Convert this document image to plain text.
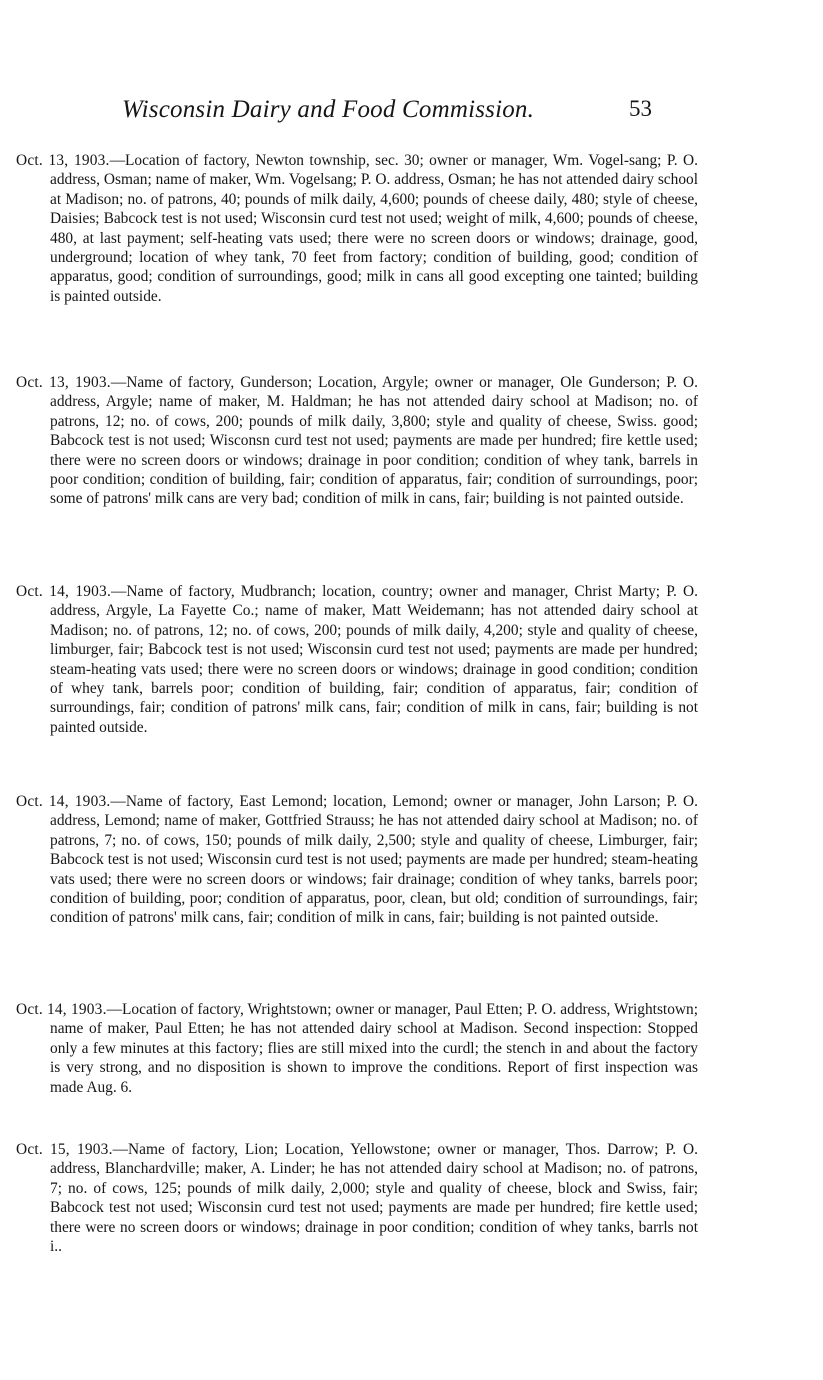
Wisconsin Dairy and Food Commission.	53
Oct. 13, 1903.—Location of factory, Newton township, sec. 30; owner or manager, Wm. Vogel-sang; P. O. address, Osman; name of maker, Wm. Vogelsang; P. O. address, Osman; he has not attended dairy school at Madison; no. of patrons, 40; pounds of milk daily, 4,600; pounds of cheese daily, 480; style of cheese, Daisies; Babcock test is not used; Wisconsin curd test not used; weight of milk, 4,600; pounds of cheese, 480, at last payment; self-heating vats used; there were no screen doors or windows; drainage, good, underground; location of whey tank, 70 feet from factory; condition of building, good; condition of apparatus, good; condition of surroundings, good; milk in cans all good excepting one tainted; building is painted outside.
Oct. 13, 1903.—Name of factory, Gunderson; Location, Argyle; owner or manager, Ole Gunderson; P. O. address, Argyle; name of maker, M. Haldman; he has not attended dairy school at Madison; no. of patrons, 12; no. of cows, 200; pounds of milk daily, 3,800; style and quality of cheese, Swiss. good; Babcock test is not used; Wisconsn curd test not used; payments are made per hundred; fire kettle used; there were no screen doors or windows; drainage in poor condition; condition of whey tank, barrels in poor condition; condition of building, fair; condition of apparatus, fair; condition of surroundings, poor; some of patrons' milk cans are very bad; condition of milk in cans, fair; building is not painted outside.
Oct. 14, 1903.—Name of factory, Mudbranch; location, country; owner and manager, Christ Marty; P. O. address, Argyle, La Fayette Co.; name of maker, Matt Weidemann; has not attended dairy school at Madison; no. of patrons, 12; no. of cows, 200; pounds of milk daily, 4,200; style and quality of cheese, limburger, fair; Babcock test is not used; Wisconsin curd test not used; payments are made per hundred; steam-heating vats used; there were no screen doors or windows; drainage in good condition; condition of whey tank, barrels poor; condition of building, fair; condition of apparatus, fair; condition of surroundings, fair; condition of patrons' milk cans, fair; condition of milk in cans, fair; building is not painted outside.
Oct. 14, 1903.—Name of factory, East Lemond; location, Lemond; owner or manager, John Larson; P. O. address, Lemond; name of maker, Gottfried Strauss; he has not attended dairy school at Madison; no. of patrons, 7; no. of cows, 150; pounds of milk daily, 2,500; style and quality of cheese, Limburger, fair; Babcock test is not used; Wisconsin curd test is not used; payments are made per hundred; steam-heating vats used; there were no screen doors or windows; fair drainage; condition of whey tanks, barrels poor; condition of building, poor; condition of apparatus, poor, clean, but old; condition of surroundings, fair; condition of patrons' milk cans, fair; condition of milk in cans, fair; building is not painted outside.
Oct. 14, 1903.—Location of factory, Wrightstown; owner or manager, Paul Etten; P. O. address, Wrightstown; name of maker, Paul Etten; he has not attended dairy school at Madison. Second inspection: Stopped only a few minutes at this factory; flies are still mixed into the curdl; the stench in and about the factory is very strong, and no disposition is shown to improve the conditions. Report of first inspection was made Aug. 6.
Oct. 15, 1903.—Name of factory, Lion; Location, Yellowstone; owner or manager, Thos. Darrow; P. O. address, Blanchardville; maker, A. Linder; he has not attended dairy school at Madison; no. of patrons, 7; no. of cows, 125; pounds of milk daily, 2,000; style and quality of cheese, block and Swiss, fair; Babcock test not used; Wisconsin curd test not used; payments are made per hundred; fire kettle used; there were no screen doors or windows; drainage in poor condition; condition of whey tanks, barrls not i..
